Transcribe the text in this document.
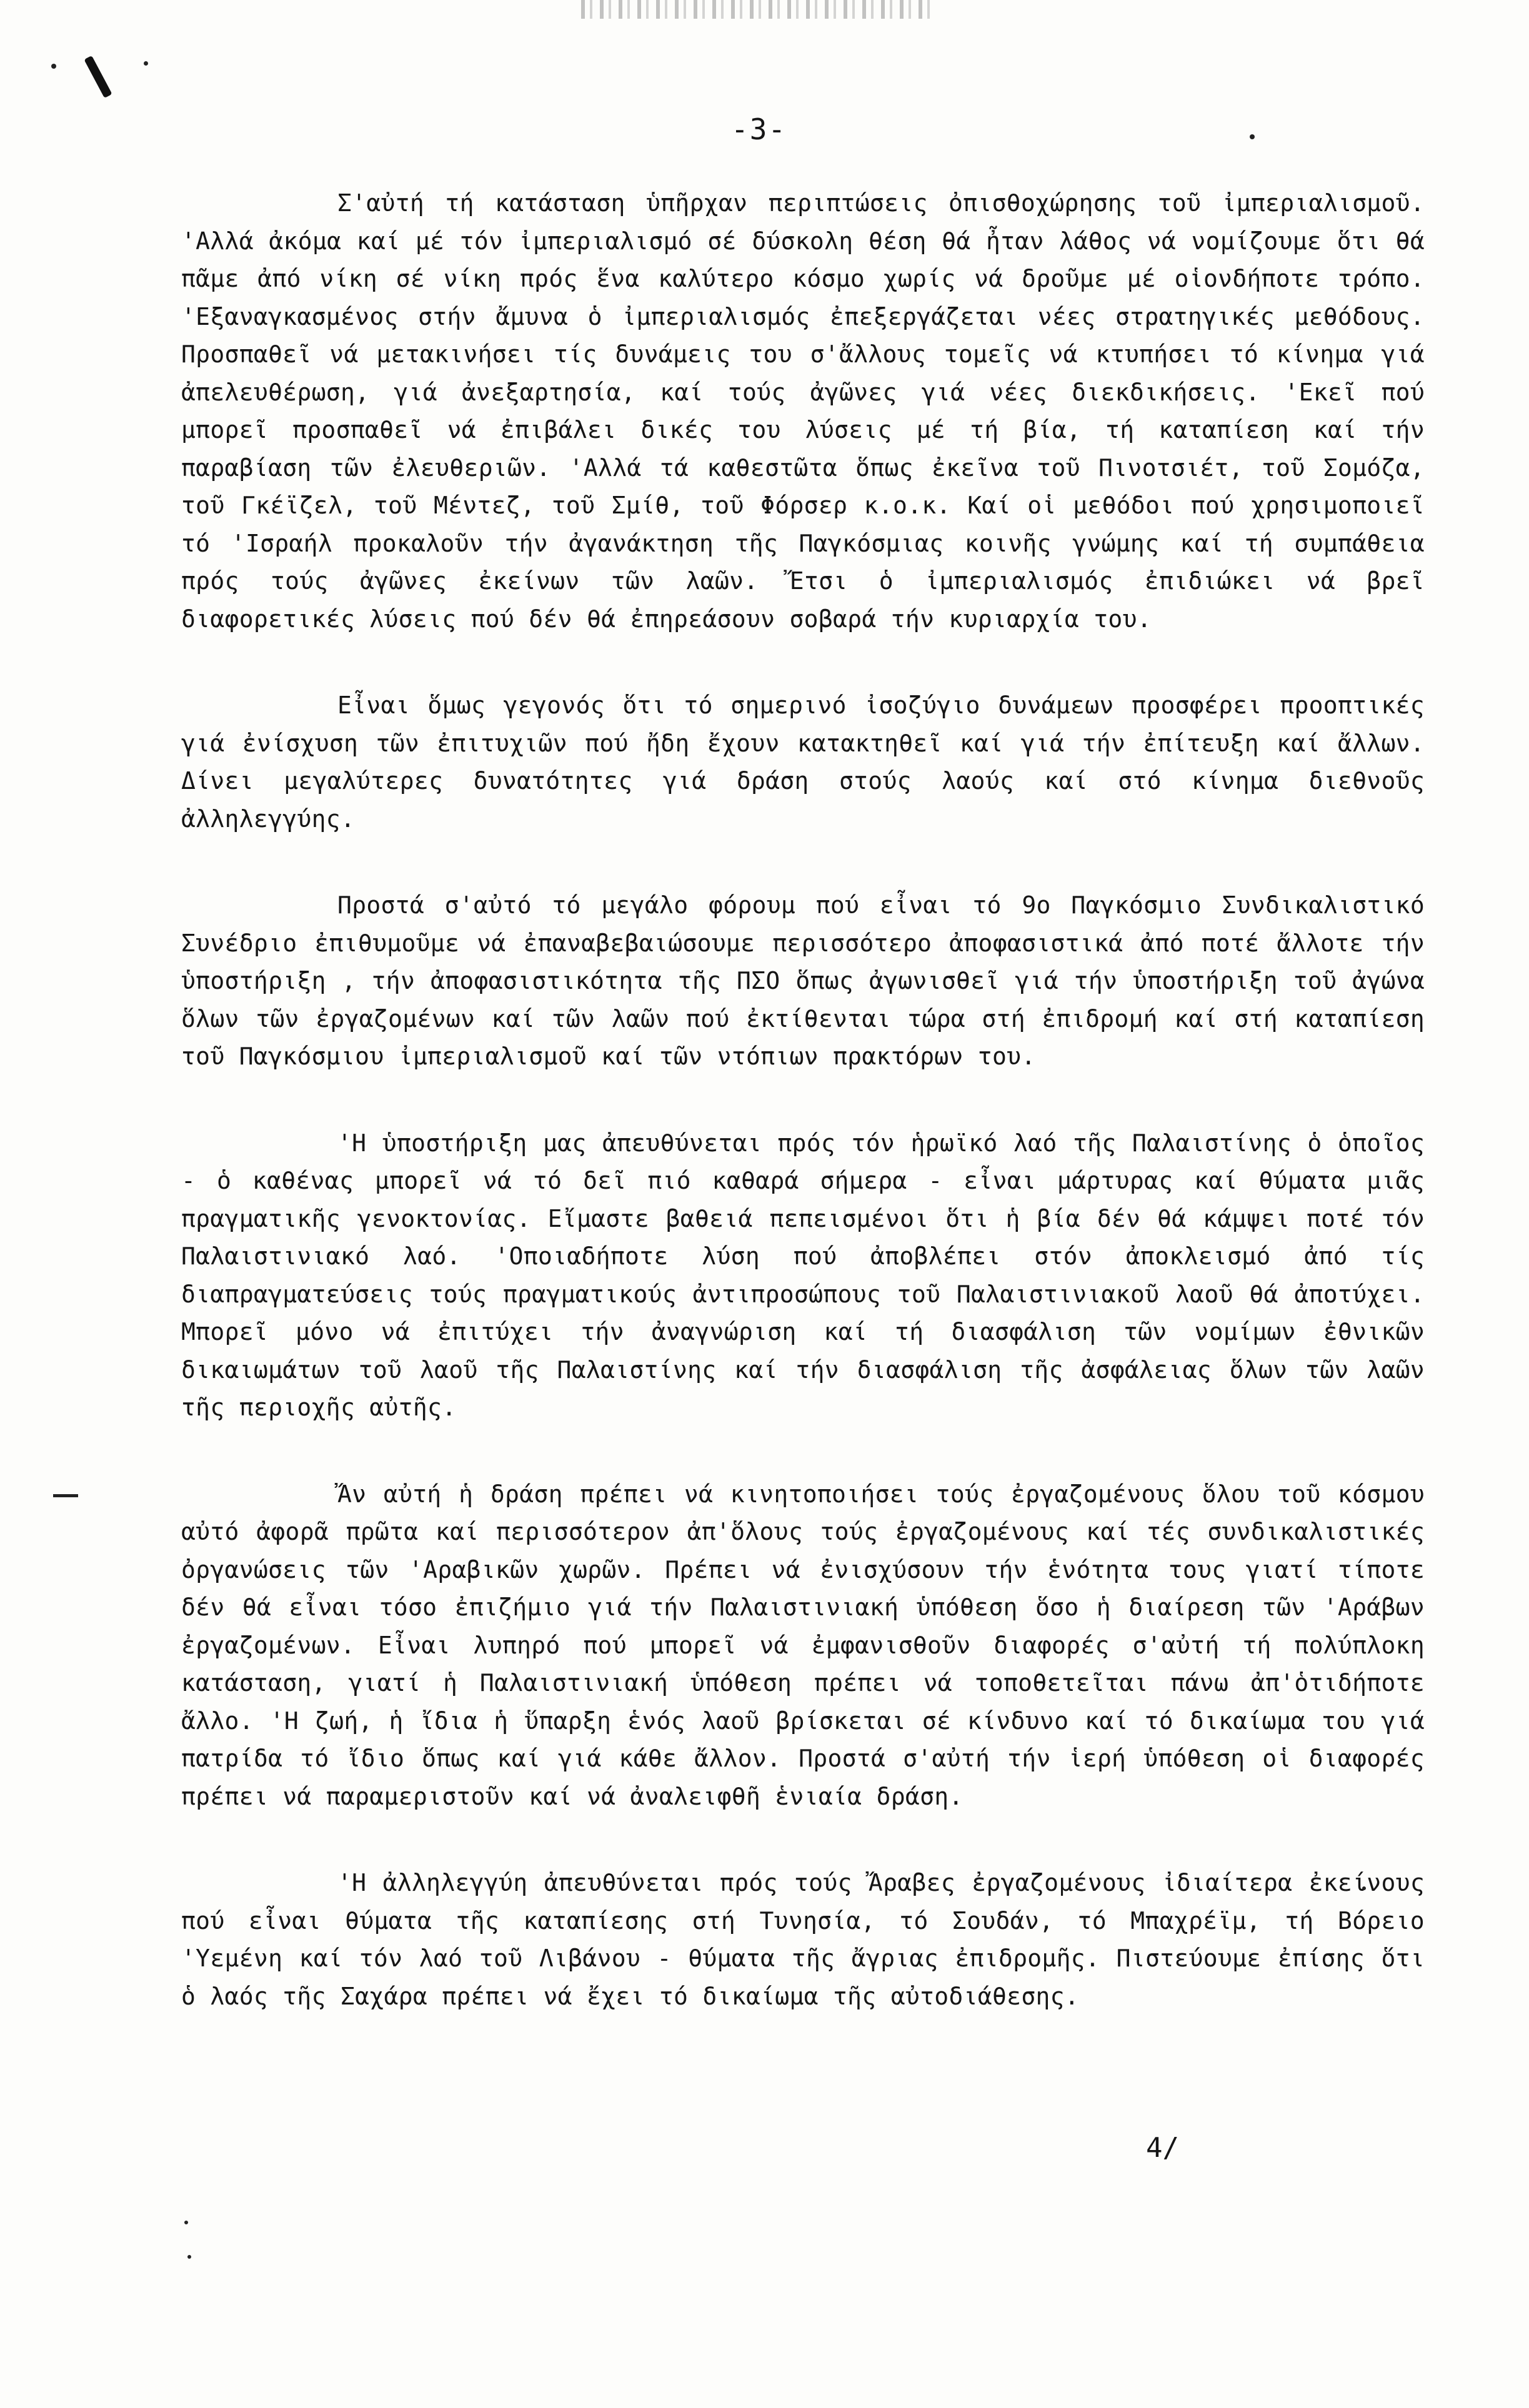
-3-

Σ'αὐτή τή κατάσταση ὑπῆρχαν περιπτώσεις ὀπισθοχώρησης τοῦ ἰμπεριαλισμοῦ. 'Αλλά ἀκόμα καί μέ τόν ἰμπεριαλισμό σέ δύσκολη θέση θά ἦταν λάθος νά νομίζουμε ὅτι θά πᾶμε ἀπό νίκη σέ νίκη πρός ἕνα καλύτερο κόσμο χωρίς νά δροῦμε μέ οἱονδήποτε τρόπο. 'Εξαναγκασμένος στήν ἄμυνα ὁ ἰμπεριαλισμός ἐπεξεργάζεται νέες στρατηγικές μεθόδους. Προσπαθεῖ νά μετακινήσει τίς δυνάμεις του σ'ἄλλους τομεῖς νά κτυπήσει τό κίνημα γιά ἀπελευθέρωση, γιά ἀνεξαρτησία, καί τούς ἀγῶνες γιά νέες διεκδικήσεις. 'Εκεῖ πού μπορεῖ προσπαθεῖ νά ἐπιβάλει δικές του λύσεις μέ τή βία, τή καταπίεση καί τήν παραβίαση τῶν ἐλευθεριῶν. 'Αλλά τά καθεστῶτα ὅπως ἐκεῖνα τοῦ Πινοτσιέτ, τοῦ Σομόζα, τοῦ Γκέϊζελ, τοῦ Μέντεζ, τοῦ Σμίθ, τοῦ Φόρσερ κ.ο.κ. Καί οἱ μεθόδοι πού χρησιμοποιεῖ τό 'Ισραήλ προκαλοῦν τήν ἀγανάκτηση τῆς Παγκόσμιας κοινῆς γνώμης καί τή συμπάθεια πρός τούς ἀγῶνες ἐκείνων τῶν λαῶν. Ἔτσι ὁ ἰμπεριαλισμός ἐπιδιώκει νά βρεῖ διαφορετικές λύσεις πού δέν θά ἐπηρεάσουν σοβαρά τήν κυριαρχία του.

Εἶναι ὅμως γεγονός ὅτι τό σημερινό ἰσοζύγιο δυνάμεων προσφέρει προοπτικές γιά ἐνίσχυση τῶν ἐπιτυχιῶν πού ἤδη ἔχουν κατακτηθεῖ καί γιά τήν ἐπίτευξη καί ἄλλων. Δίνει μεγαλύτερες δυνατότητες γιά δράση στούς λαούς καί στό κίνημα διεθνοῦς ἀλληλεγγύης.

Προστά σ'αὐτό τό μεγάλο φόρουμ πού εἶναι τό 9ο Παγκόσμιο Συνδικαλιστικό Συνέδριο ἐπιθυμοῦμε νά ἐπαναβεβαιώσουμε περισσότερο ἀποφασιστικά ἀπό ποτέ ἄλλοτε τήν ὑποστήριξη , τήν ἀποφασιστικότητα τῆς ΠΣΟ ὅπως ἀγωνισθεῖ γιά τήν ὑποστήριξη τοῦ ἀγώνα ὅλων τῶν ἐργαζομένων καί τῶν λαῶν πού ἐκτίθενται τώρα στή ἐπιδρομή καί στή καταπίεση τοῦ Παγκόσμιου ἰμπεριαλισμοῦ καί τῶν ντόπιων πρακτόρων του.

'Η ὑποστήριξη μας ἀπευθύνεται πρός τόν ἡρωϊκό λαό τῆς Παλαιστίνης ὁ ὁποῖος - ὁ καθένας μπορεῖ νά τό δεῖ πιό καθαρά σήμερα - εἶναι μάρτυρας καί θύματα μιᾶς πραγματικῆς γενοκτονίας. Εἴμαστε βαθειά πεπεισμένοι ὅτι ἡ βία δέν θά κάμψει ποτέ τόν Παλαιστινιακό λαό. 'Οποιαδήποτε λύση πού ἀποβλέπει στόν ἀποκλεισμό ἀπό τίς διαπραγματεύσεις τούς πραγματικούς ἀντιπροσώπους τοῦ Παλαιστινιακοῦ λαοῦ θά ἀποτύχει. Μπορεῖ μόνο νά ἐπιτύχει τήν ἀναγνώριση καί τή διασφάλιση τῶν νομίμων ἐθνικῶν δικαιωμάτων τοῦ λαοῦ τῆς Παλαιστίνης καί τήν διασφάλιση τῆς ἀσφάλειας ὅλων τῶν λαῶν τῆς περιοχῆς αὐτῆς.

Ἄν αὐτή ἡ δράση πρέπει νά κινητοποιήσει τούς ἐργαζομένους ὅλου τοῦ κόσμου αὐτό ἀφορᾶ πρῶτα καί περισσότερον ἀπ'ὅλους τούς ἐργαζομένους καί τές συνδικαλιστικές ὀργανώσεις τῶν 'Αραβικῶν χωρῶν. Πρέπει νά ἐνισχύσουν τήν ἑνότητα τους γιατί τίποτε δέν θά εἶναι τόσο ἐπιζήμιο γιά τήν Παλαιστινιακή ὑπόθεση ὅσο ἡ διαίρεση τῶν 'Αράβων ἐργαζομένων. Εἶναι λυπηρό πού μπορεῖ νά ἐμφανισθοῦν διαφορές σ'αὐτή τή πολύπλοκη κατάσταση, γιατί ἡ Παλαιστινιακή ὑπόθεση πρέπει νά τοποθετεῖται πάνω ἀπ'ὁτιδήποτε ἄλλο. 'Η ζωή, ἡ ἴδια ἡ ὕπαρξη ἑνός λαοῦ βρίσκεται σέ κίνδυνο καί τό δικαίωμα του γιά πατρίδα τό ἴδιο ὅπως καί γιά κάθε ἄλλον. Προστά σ'αὐτή τήν ἱερή ὑπόθεση οἱ διαφορές πρέπει νά παραμεριστοῦν καί νά ἀναλειφθῆ ἑνιαία δράση.

'Η ἀλληλεγγύη ἀπευθύνεται πρός τούς Ἄραβες ἐργαζομένους ἰδιαίτερα ἐκείνους πού εἶναι θύματα τῆς καταπίεσης στή Τυνησία, τό Σουδάν, τό Μπαχρέϊμ, τή Βόρειο 'Υεμένη καί τόν λαό τοῦ Λιβάνου - θύματα τῆς ἄγριας ἐπιδρομῆς. Πιστεύουμε ἐπίσης ὅτι ὁ λαός τῆς Σαχάρα πρέπει νά ἔχει τό δικαίωμα τῆς αὐτοδιάθεσης.

4/
